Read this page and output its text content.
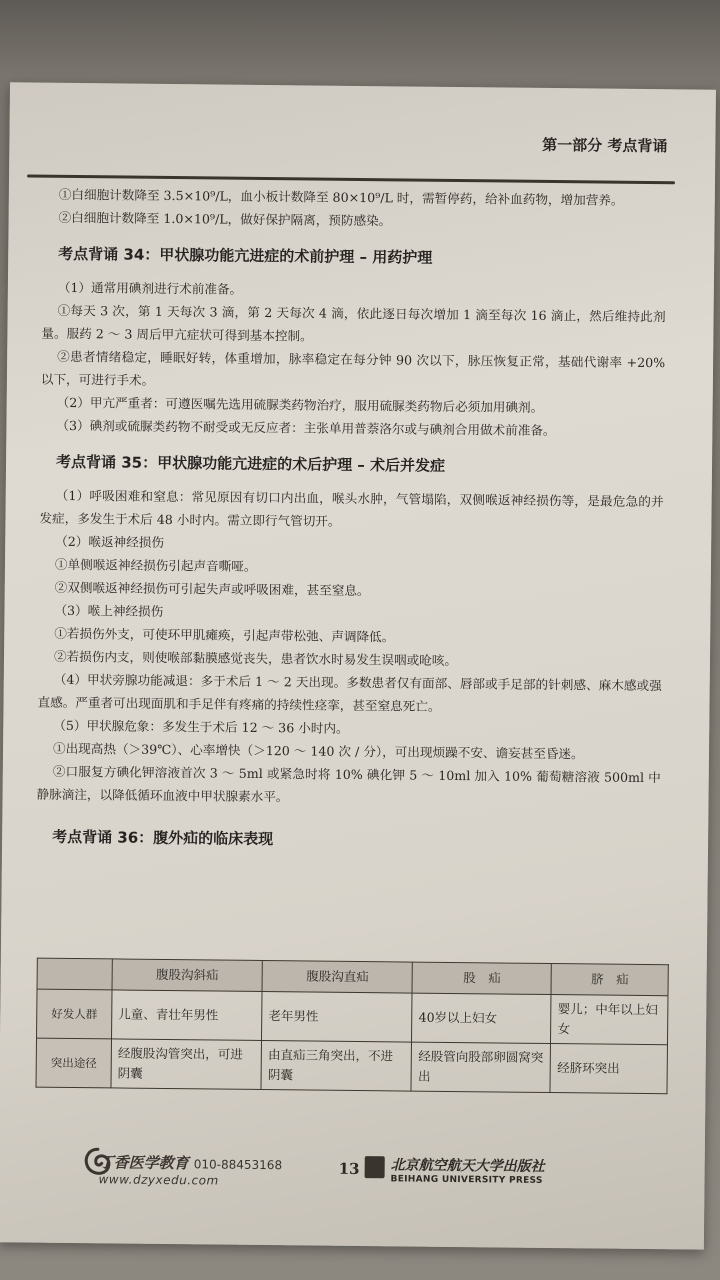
第一部分 考点背诵

①白细胞计数降至 3.5×10⁹/L，血小板计数降至 80×10⁹/L 时，需暂停药，给补血药物，增加营养。

②白细胞计数降至 1.0×10⁹/L，做好保护隔离，预防感染。

考点背诵 34：甲状腺功能亢进症的术前护理 – 用药护理

（1）通常用碘剂进行术前准备。

①每天 3 次，第 1 天每次 3 滴，第 2 天每次 4 滴，依此逐日每次增加 1 滴至每次 16 滴止，然后维持此剂量。服药 2 ～ 3 周后甲亢症状可得到基本控制。

②患者情绪稳定，睡眠好转，体重增加，脉率稳定在每分钟 90 次以下，脉压恢复正常，基础代谢率 +20% 以下，可进行手术。

（2）甲亢严重者：可遵医嘱先选用硫脲类药物治疗，服用硫脲类药物后必须加用碘剂。

（3）碘剂或硫脲类药物不耐受或无反应者：主张单用普萘洛尔或与碘剂合用做术前准备。

考点背诵 35：甲状腺功能亢进症的术后护理 – 术后并发症

（1）呼吸困难和窒息：常见原因有切口内出血，喉头水肿，气管塌陷，双侧喉返神经损伤等，是最危急的并发症，多发生于术后 48 小时内。需立即行气管切开。

（2）喉返神经损伤

①单侧喉返神经损伤引起声音嘶哑。

②双侧喉返神经损伤可引起失声或呼吸困难，甚至窒息。

（3）喉上神经损伤

①若损伤外支，可使环甲肌瘫痪，引起声带松弛、声调降低。

②若损伤内支，则使喉部黏膜感觉丧失，患者饮水时易发生误咽或呛咳。

（4）甲状旁腺功能减退：多于术后 1 ～ 2 天出现。多数患者仅有面部、唇部或手足部的针刺感、麻木感或强直感。严重者可出现面肌和手足伴有疼痛的持续性痉挛，甚至窒息死亡。

（5）甲状腺危象：多发生于术后 12 ～ 36 小时内。

①出现高热（＞39℃）、心率增快（＞120 ～ 140 次 / 分），可出现烦躁不安、谵妄甚至昏迷。

②口服复方碘化钾溶液首次 3 ～ 5ml 或紧急时将 10% 碘化钾 5 ～ 10ml 加入 10% 葡萄糖溶液 500ml 中静脉滴注，以降低循环血液中甲状腺素水平。

考点背诵 36：腹外疝的临床表现
	腹股沟斜疝	腹股沟直疝	股　疝	脐　疝
好发人群	儿童、青壮年男性	老年男性	40岁以上妇女	婴儿；中年以上妇女
突出途径	经腹股沟管突出，可进阴囊	由直疝三角突出，不进阴囊	经股管向股部卵圆窝突出	经脐环突出
丁香医学教育 010-88453168
www.dzyxedu.com
13 北京航空航天大学出版社
BEIHANG UNIVERSITY PRESS
